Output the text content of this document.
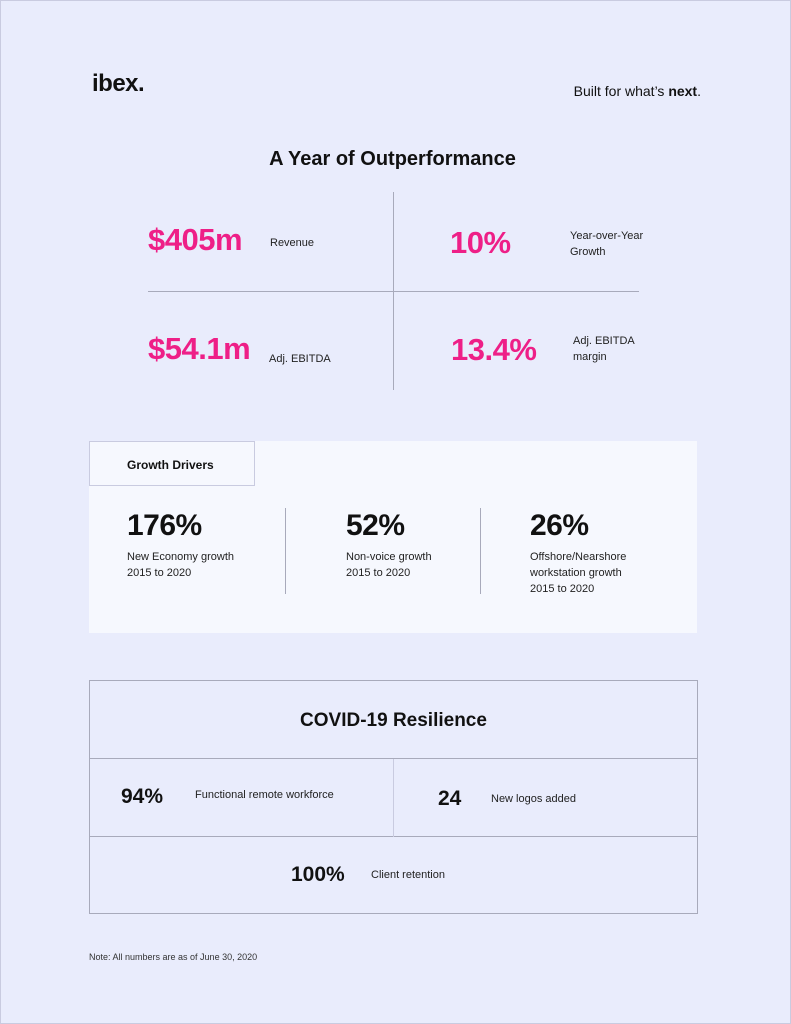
ibex.	Built for what’s next.
A Year of Outperformance
$405m	Revenue	10%	Year-over-Year
Growth
$54.1m Adj. EBITDA	13.4%	Adj. EBITDA
margin
Growth Drivers
176%
New Economy growth
2015 to 2020
52%
Non-voice growth
2015 to 2020
26%
Offshore/Nearshore
workstation growth
2015 to 2020
COVID-19 Resilience
94%	Functional remote workforce	24	New logos added
100% Client retention
Note: All numbers are as of June 30, 2020
